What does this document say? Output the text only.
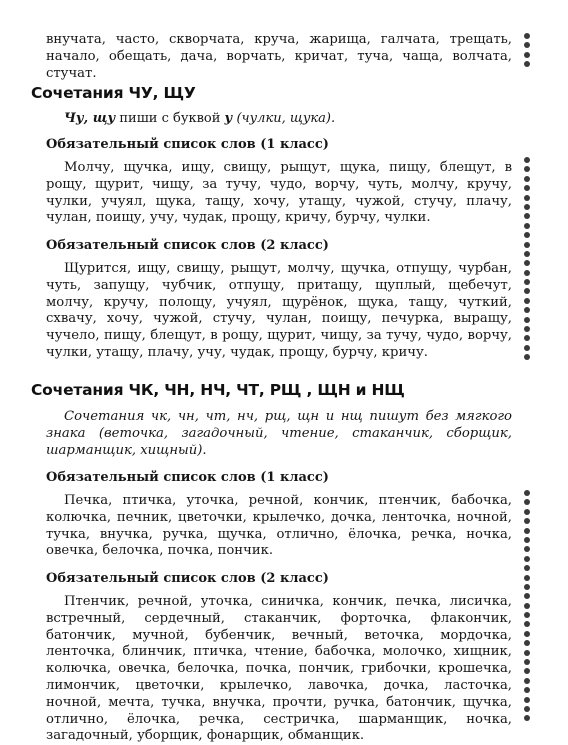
внучата, часто, скворчата, круча, жарища, галчата, трещать, начало, обещать, дача, ворчать, кричат, туча, чаща, волчата, стучат.

Сочетания ЧУ, ЩУ
Чу, щу пиши с буквой у (чулки, щука).
Обязательный список слов (1 класс)

Молчу, щучка, ищу, свищу, рыщут, щука, пищу, блещут, в рощу, щурит, чищу, за тучу, чудо, ворчу, чуть, молчу, кручу, чулки, учуял, щука, тащу, хочу, утащу, чужой, стучу, плачу, чулан, поищу, учу, чудак, прощу, кричу, бурчу, чулки.

Обязательный список слов (2 класс)

Щурится, ищу, свищу, рыщут, молчу, щучка, отпущу, чурбан, чуть, запущу, чубчик, отпущу, притащу, щуплый, щебечут, молчу, кручу, полощу, учуял, щурёнок, щука, тащу, чуткий, схвачу, хочу, чужой, стучу, чулан, поищу, печурка, выращу, чучело, пищу, блещут, в рощу, щурит, чищу, за тучу, чудо, ворчу, чулки, утащу, плачу, учу, чудак, прощу, бурчу, кричу.

Сочетания ЧК, ЧН, НЧ, ЧТ, РЩ , ЩН и НЩ

Сочетания чк, чн, чт, нч, рщ, щн и нщ пишут без мягкого знака (веточка, загадочный, чтение, стаканчик, сборщик, шарманщик, хищный).

Обязательный список слов (1 класс)

Печка, птичка, уточка, речной, кончик, птенчик, бабочка, колючка, печник, цветочки, крылечко, дочка, ленточка, ночной, тучка, внучка, ручка, щучка, отлично, ёлочка, речка, ночка, овечка, белочка, почка, пончик.

Обязательный список слов (2 класс)

Птенчик, речной, уточка, синичка, кончик, печка, лисичка, встречный, сердечный, стаканчик, форточка, флакончик, батончик, мучной, бубенчик, вечный, веточка, мордочка, ленточка, блинчик, птичка, чтение, бабочка, молочко, хищник, колючка, овечка, белочка, почка, пончик, грибочки, крошечка, лимончик, цветочки, крылечко, лавочка, дочка, ласточка, ночной, мечта, тучка, внучка, прочти, ручка, батончик, щучка, отлично, ёлочка, речка, сестричка, шарманщик, ночка, загадочный, уборщик, фонарщик, обманщик.
